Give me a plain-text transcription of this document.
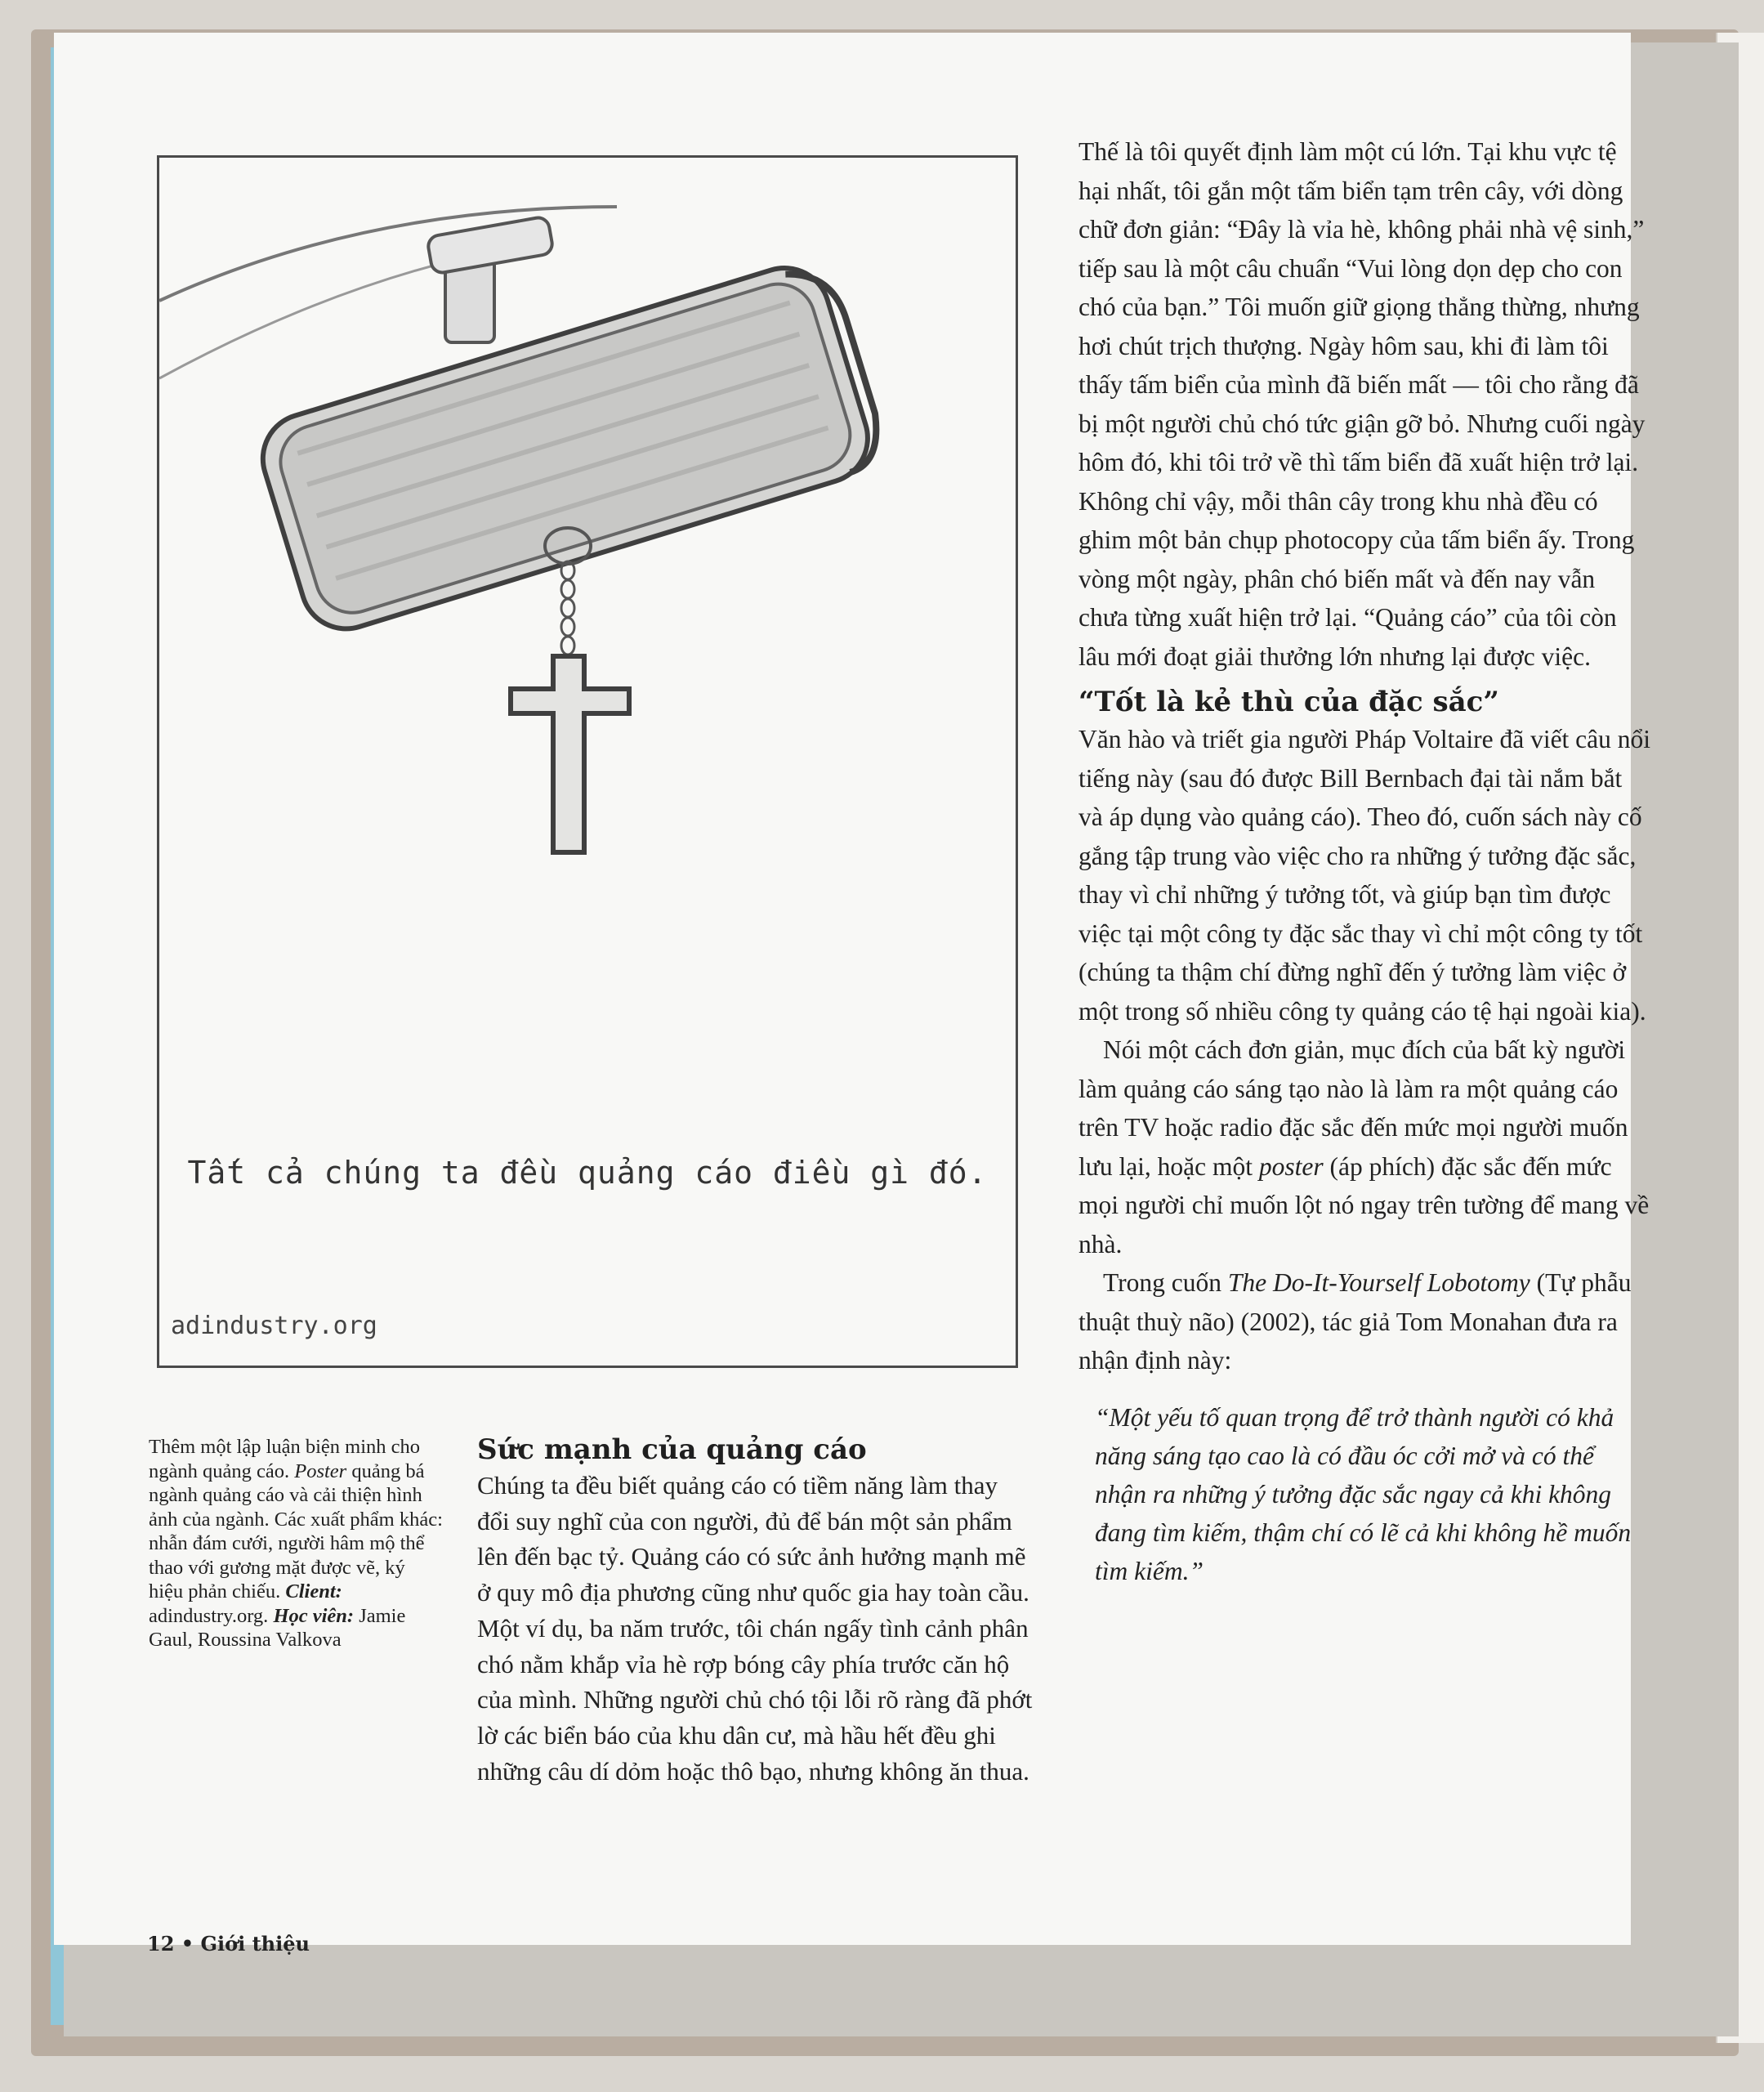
Tất cả chúng ta đều quảng cáo điều gì đó.
adindustry.org
Thêm một lập luận biện minh cho ngành quảng cáo. Poster quảng bá ngành quảng cáo và cải thiện hình ảnh của ngành. Các xuất phẩm khác: nhẫn đám cưới, người hâm mộ thể thao với gương mặt được vẽ, ký hiệu phản chiếu. Client: adindustry.org. Học viên: Jamie Gaul, Roussina Valkova
Sức mạnh của quảng cáo
Chúng ta đều biết quảng cáo có tiềm năng làm thay đổi suy nghĩ của con người, đủ để bán một sản phẩm lên đến bạc tỷ. Quảng cáo có sức ảnh hưởng mạnh mẽ ở quy mô địa phương cũng như quốc gia hay toàn cầu. Một ví dụ, ba năm trước, tôi chán ngấy tình cảnh phân chó nằm khắp vỉa hè rợp bóng cây phía trước căn hộ của mình. Những người chủ chó tội lỗi rõ ràng đã phớt lờ các biển báo của khu dân cư, mà hầu hết đều ghi những câu dí dỏm hoặc thô bạo, nhưng không ăn thua.

Thế là tôi quyết định làm một cú lớn. Tại khu vực tệ hại nhất, tôi gắn một tấm biển tạm trên cây, với dòng chữ đơn giản: “Đây là vỉa hè, không phải nhà vệ sinh,” tiếp sau là một câu chuẩn “Vui lòng dọn dẹp cho con chó của bạn.” Tôi muốn giữ giọng thẳng thừng, nhưng hơi chút trịch thượng. Ngày hôm sau, khi đi làm tôi thấy tấm biển của mình đã biến mất — tôi cho rằng đã bị một người chủ chó tức giận gỡ bỏ. Nhưng cuối ngày hôm đó, khi tôi trở về thì tấm biển đã xuất hiện trở lại. Không chỉ vậy, mỗi thân cây trong khu nhà đều có ghim một bản chụp photocopy của tấm biển ấy. Trong vòng một ngày, phân chó biến mất và đến nay vẫn chưa từng xuất hiện trở lại. “Quảng cáo” của tôi còn lâu mới đoạt giải thưởng lớn nhưng lại được việc.

“Tốt là kẻ thù của đặc sắc”

Văn hào và triết gia người Pháp Voltaire đã viết câu nổi tiếng này (sau đó được Bill Bernbach đại tài nắm bắt và áp dụng vào quảng cáo). Theo đó, cuốn sách này cố gắng tập trung vào việc cho ra những ý tưởng đặc sắc, thay vì chỉ những ý tưởng tốt, và giúp bạn tìm được việc tại một công ty đặc sắc thay vì chỉ một công ty tốt (chúng ta thậm chí đừng nghĩ đến ý tưởng làm việc ở một trong số nhiều công ty quảng cáo tệ hại ngoài kia).

Nói một cách đơn giản, mục đích của bất kỳ người làm quảng cáo sáng tạo nào là làm ra một quảng cáo trên TV hoặc radio đặc sắc đến mức mọi người muốn lưu lại, hoặc một poster (áp phích) đặc sắc đến mức mọi người chỉ muốn lột nó ngay trên tường để mang về nhà.

Trong cuốn The Do-It-Yourself Lobotomy (Tự phẫu thuật thuỳ não) (2002), tác giả Tom Monahan đưa ra nhận định này:

“Một yếu tố quan trọng để trở thành người có khả năng sáng tạo cao là có đầu óc cởi mở và có thể nhận ra những ý tưởng đặc sắc ngay cả khi không đang tìm kiếm, thậm chí có lẽ cả khi không hề muốn tìm kiếm.”

12 • Giới thiệu
